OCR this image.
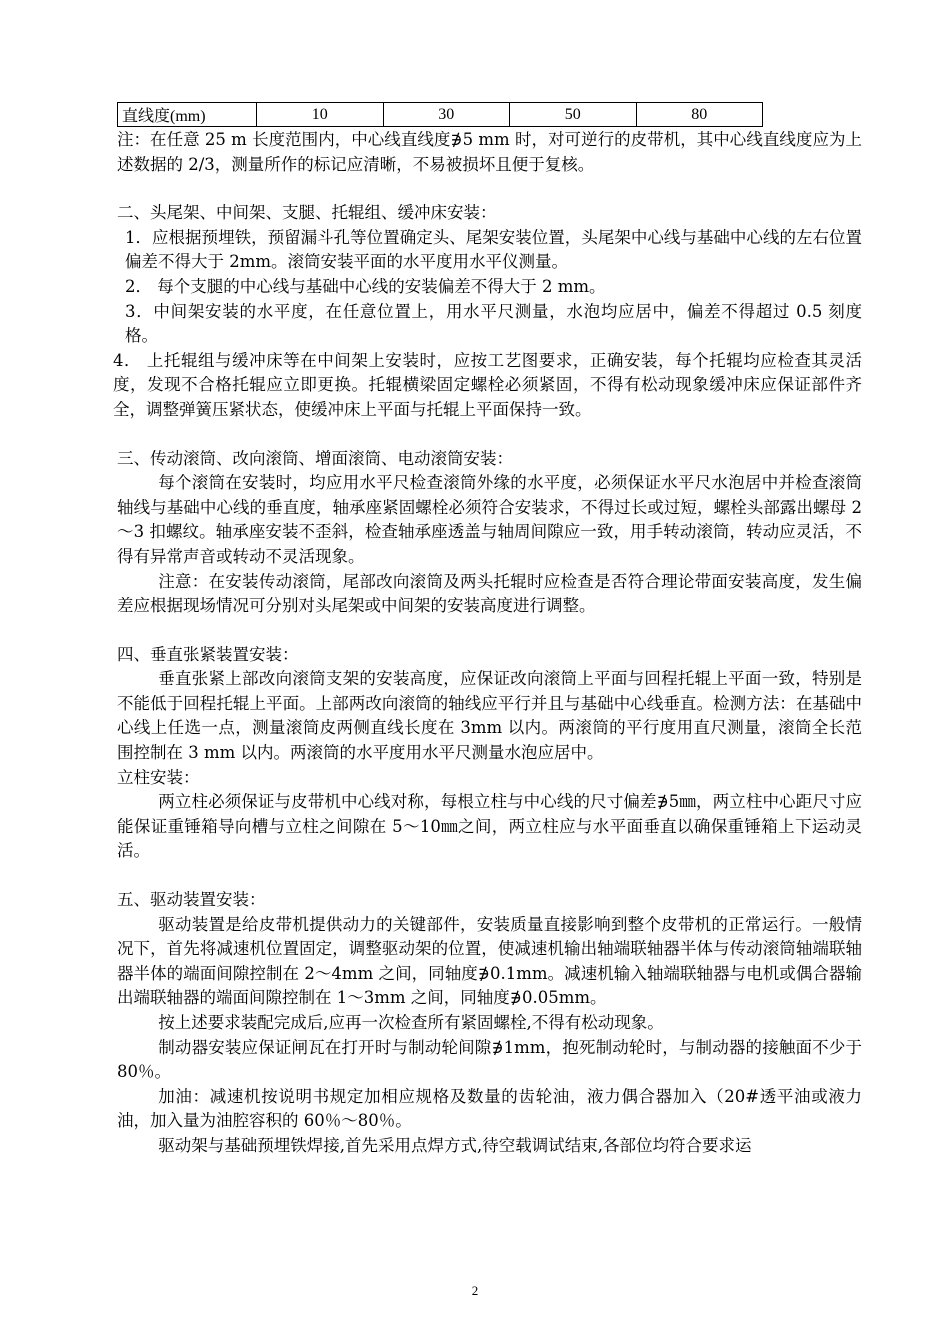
直线度(mm)	10	30	50	80

注：在任意 25 m 长度范围内，中心线直线度∌5 mm 时，对可逆行的皮带机，其中心线直线度应为上述数据的 2/3，测量所作的标记应清晰，不易被损坏且便于复核。

二、头尾架、中间架、支腿、托辊组、缓冲床安装：

1．应根据预埋铁，预留漏斗孔等位置确定头、尾架安装位置，头尾架中心线与基础中心线的左右位置偏差不得大于 2mm。滚筒安装平面的水平度用水平仪测量。

2． 每个支腿的中心线与基础中心线的安装偏差不得大于 2 mm。

3．中间架安装的水平度，在任意位置上，用水平尺测量，水泡均应居中，偏差不得超过 0.5 刻度格。

4． 上托辊组与缓冲床等在中间架上安装时，应按工艺图要求，正确安装，每个托辊均应检查其灵活度，发现不合格托辊应立即更换。托辊横梁固定螺栓必须紧固，不得有松动现象缓冲床应保证部件齐全，调整弹簧压紧状态，使缓冲床上平面与托辊上平面保持一致。

三、传动滚筒、改向滚筒、增面滚筒、电动滚筒安装：

每个滚筒在安装时，均应用水平尺检查滚筒外缘的水平度，必须保证水平尺水泡居中并检查滚筒轴线与基础中心线的垂直度，轴承座紧固螺栓必须符合安装求，不得过长或过短，螺栓头部露出螺母 2～3 扣螺纹。轴承座安装不歪斜，检查轴承座透盖与轴周间隙应一致，用手转动滚筒，转动应灵活，不得有异常声音或转动不灵活现象。

注意：在安装传动滚筒，尾部改向滚筒及两头托辊时应检查是否符合理论带面安装高度，发生偏差应根据现场情况可分别对头尾架或中间架的安装高度进行调整。

四、垂直张紧装置安装：

垂直张紧上部改向滚筒支架的安装高度，应保证改向滚筒上平面与回程托辊上平面一致，特别是不能低于回程托辊上平面。上部两改向滚筒的轴线应平行并且与基础中心线垂直。检测方法：在基础中心线上任选一点，测量滚筒皮两侧直线长度在 3mm 以内。两滚筒的平行度用直尺测量，滚筒全长范围控制在 3 mm 以内。两滚筒的水平度用水平尺测量水泡应居中。

立柱安装：

两立柱必须保证与皮带机中心线对称，每根立柱与中心线的尺寸偏差∌5㎜，两立柱中心距尺寸应能保证重锤箱导向槽与立柱之间隙在 5～10㎜之间，两立柱应与水平面垂直以确保重锤箱上下运动灵活。

五、驱动装置安装：

驱动装置是给皮带机提供动力的关键部件，安装质量直接影响到整个皮带机的正常运行。一般情况下，首先将减速机位置固定，调整驱动架的位置，使减速机输出轴端联轴器半体与传动滚筒轴端联轴器半体的端面间隙控制在 2～4mm 之间，同轴度∌0.1mm。减速机输入轴端联轴器与电机或偶合器输出端联轴器的端面间隙控制在 1～3mm 之间，同轴度∌0.05mm。

按上述要求装配完成后,应再一次检查所有紧固螺栓,不得有松动现象。

制动器安装应保证闸瓦在打开时与制动轮间隙∌1mm，抱死制动轮时，与制动器的接触面不少于 80％。

加油：减速机按说明书规定加相应规格及数量的齿轮油，液力偶合器加入（20#透平油或液力油，加入量为油腔容积的 60％～80％。

驱动架与基础预埋铁焊接,首先采用点焊方式,待空载调试结束,各部位均符合要求运

2
